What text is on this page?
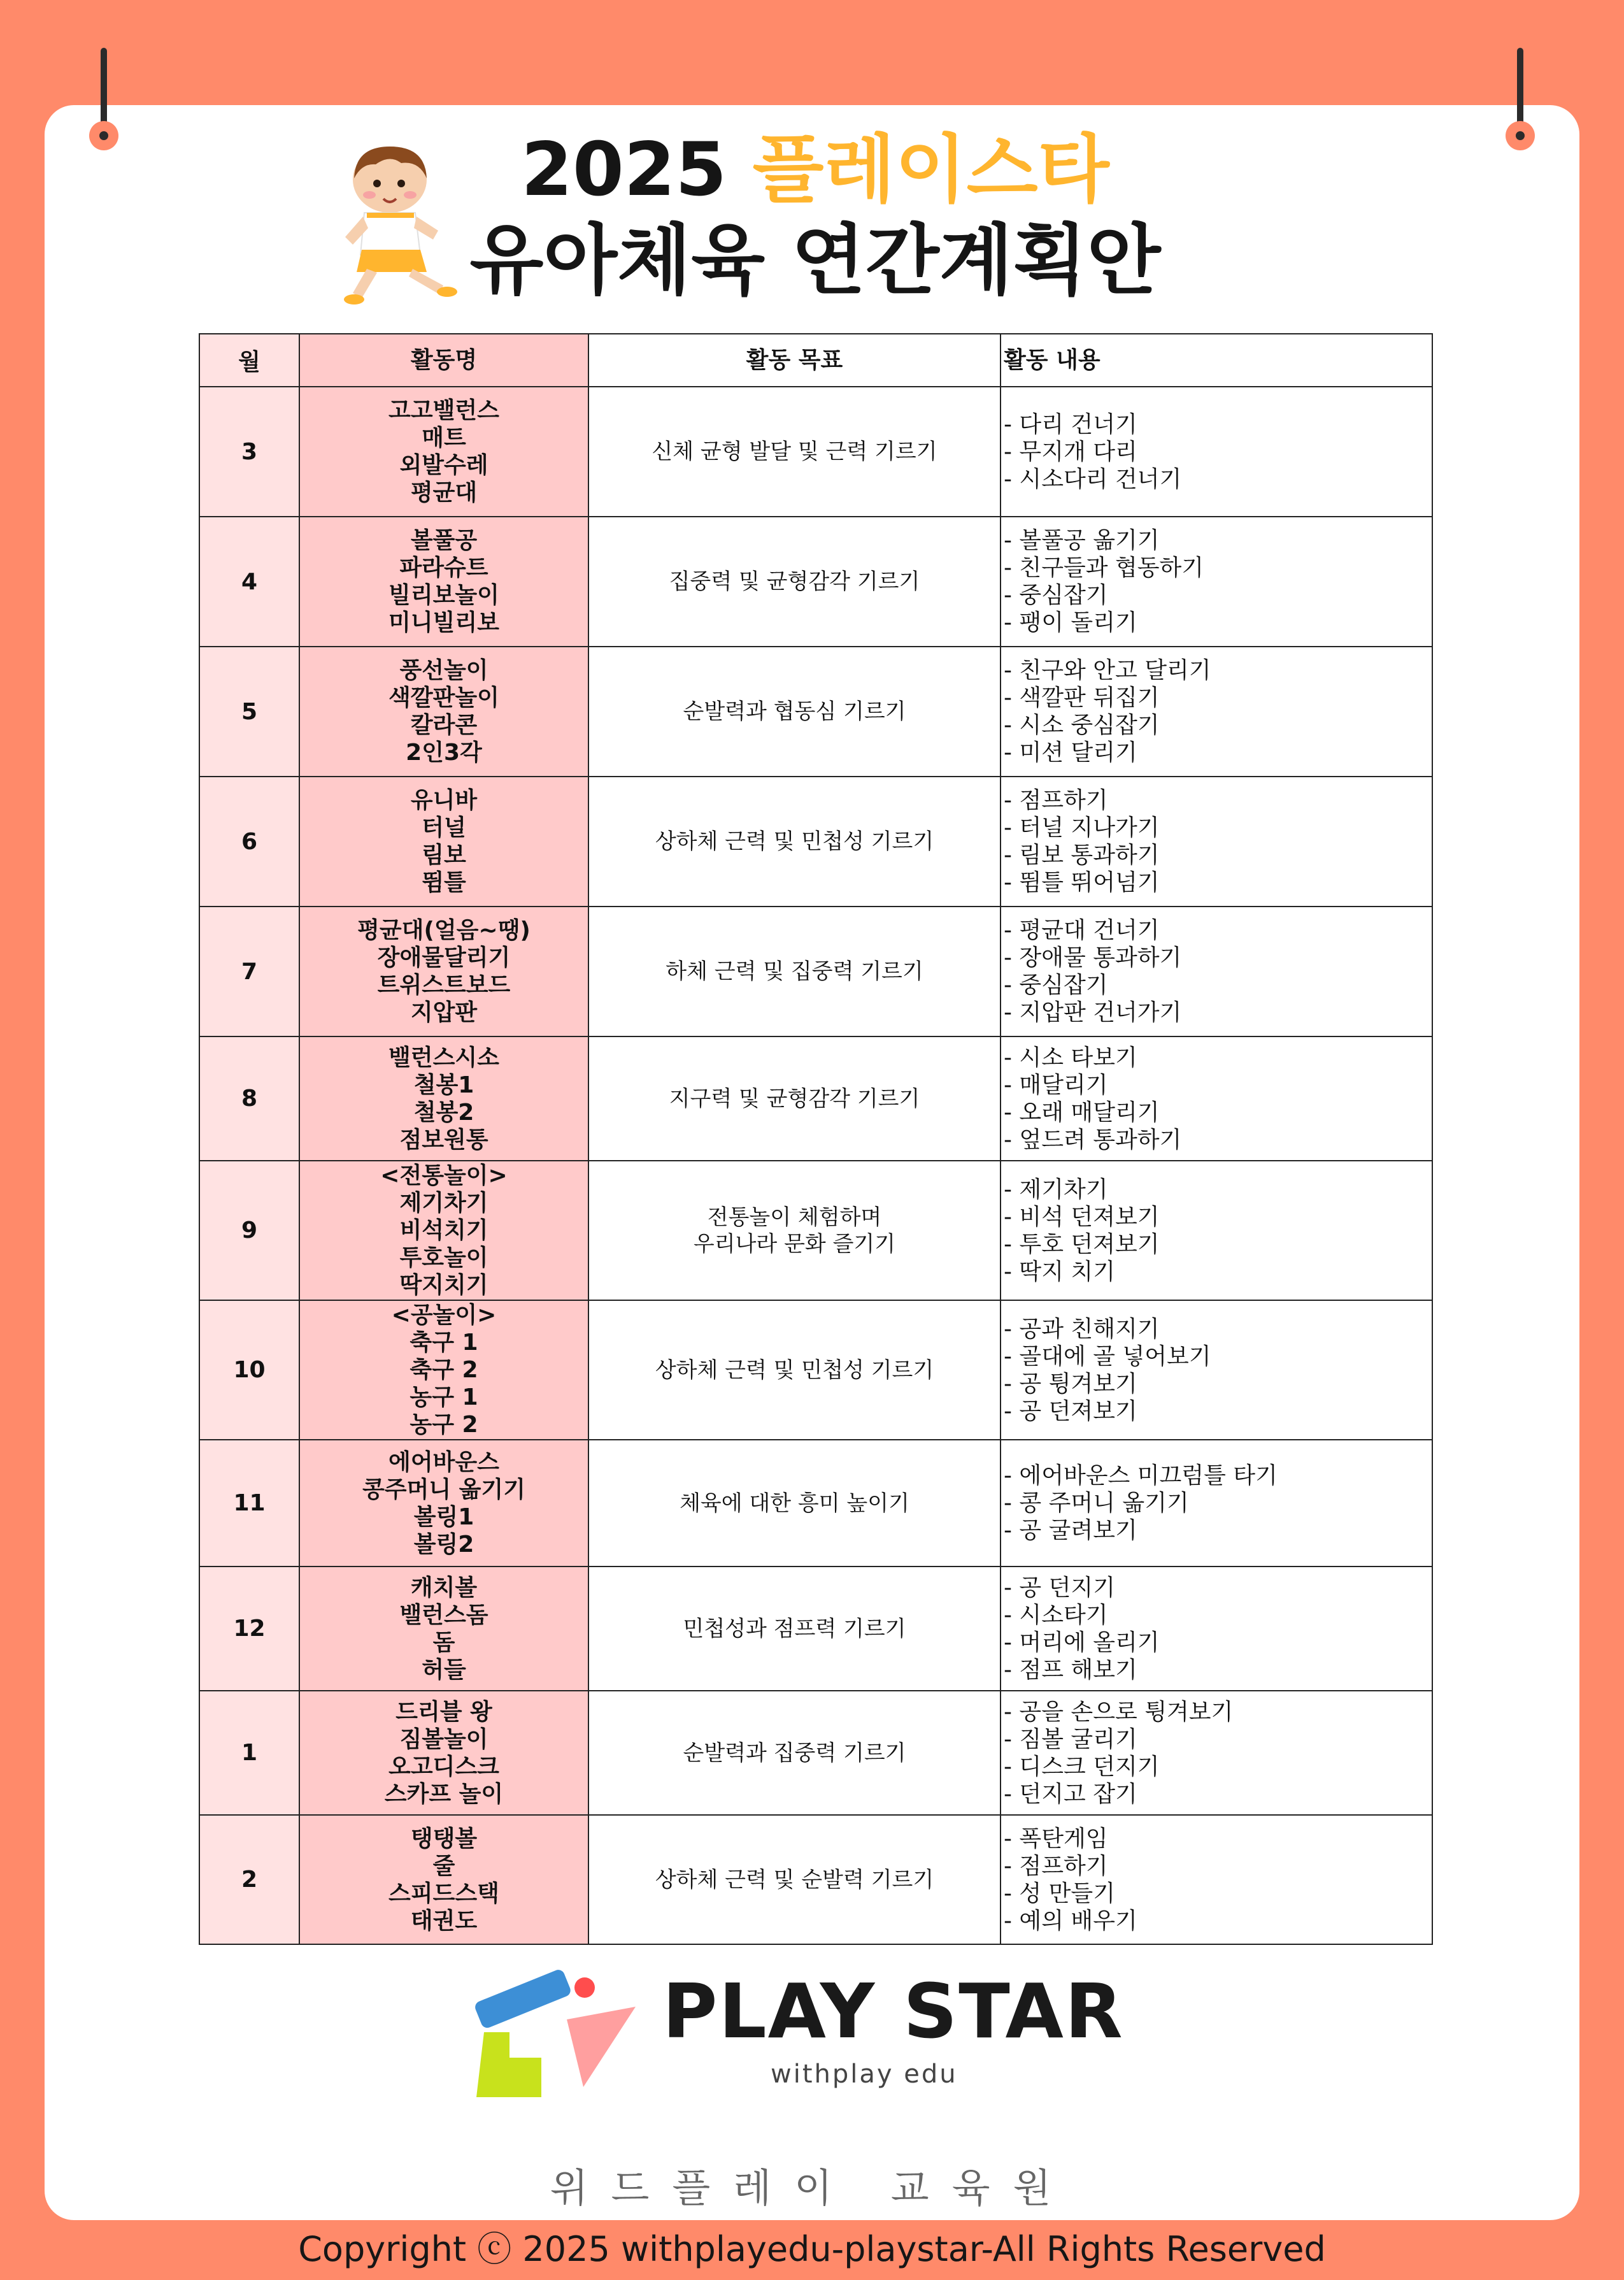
2025 플레이스타
유아체육 연간계획안
월	활동명	활동 목표	활동 내용
3	고고밸런스
매트
외발수레
평균대	신체 균형 발달 및 근력 기르기	- 다리 건너기
- 무지개 다리
- 시소다리 건너기

4	볼풀공
파라슈트
빌리보놀이
미니빌리보	집중력 및 균형감각 기르기	- 볼풀공 옮기기
- 친구들과 협동하기
- 중심잡기
- 팽이 돌리기

5	풍선놀이
색깔판놀이
칼라콘
2인3각	순발력과 협동심 기르기	- 친구와 안고 달리기
- 색깔판 뒤집기
- 시소 중심잡기
- 미션 달리기

6	유니바
터널
림보
뜀틀	상하체 근력 및 민첩성 기르기	- 점프하기
- 터널 지나가기
- 림보 통과하기
- 뜀틀 뛰어넘기

7	평균대(얼음~땡)
장애물달리기
트위스트보드
지압판	하체 근력 및 집중력 기르기	- 평균대 건너기
- 장애물 통과하기
- 중심잡기
- 지압판 건너가기

8	밸런스시소
철봉1
철봉2
점보원통	지구력 및 균형감각 기르기	- 시소 타보기
- 매달리기
- 오래 매달리기
- 엎드려 통과하기

9	<전통놀이>
제기차기
비석치기
투호놀이
딱지치기	전통놀이 체험하며
우리나라 문화 즐기기	- 제기차기
- 비석 던져보기
- 투호 던져보기
- 딱지 치기

10	<공놀이>
축구 1
축구 2
농구 1
농구 2	상하체 근력 및 민첩성 기르기	- 공과 친해지기
- 골대에 골 넣어보기
- 공 튕겨보기
- 공 던져보기

11	에어바운스
콩주머니 옮기기
볼링1
볼링2	체육에 대한 흥미 높이기	- 에어바운스 미끄럼틀 타기
- 콩 주머니 옮기기
- 공 굴려보기

12	캐치볼
밸런스돔
돔
허들	민첩성과 점프력 기르기	- 공 던지기
- 시소타기
- 머리에 올리기
- 점프 해보기

1	드리블 왕
짐볼놀이
오고디스크
스카프 놀이	순발력과 집중력 기르기	- 공을 손으로 튕겨보기
- 짐볼 굴리기
- 디스크 던지기
- 던지고 잡기

2	탱탱볼
줄
스피드스택
태권도	상하체 근력 및 순발력 기르기	- 폭탄게임
- 점프하기
- 성 만들기
- 예의 배우기
PLAY STAR
withplay edu
위드플레이 교육원
Copyright ⓒ 2025 withplayedu-playstar-All Rights Reserved
